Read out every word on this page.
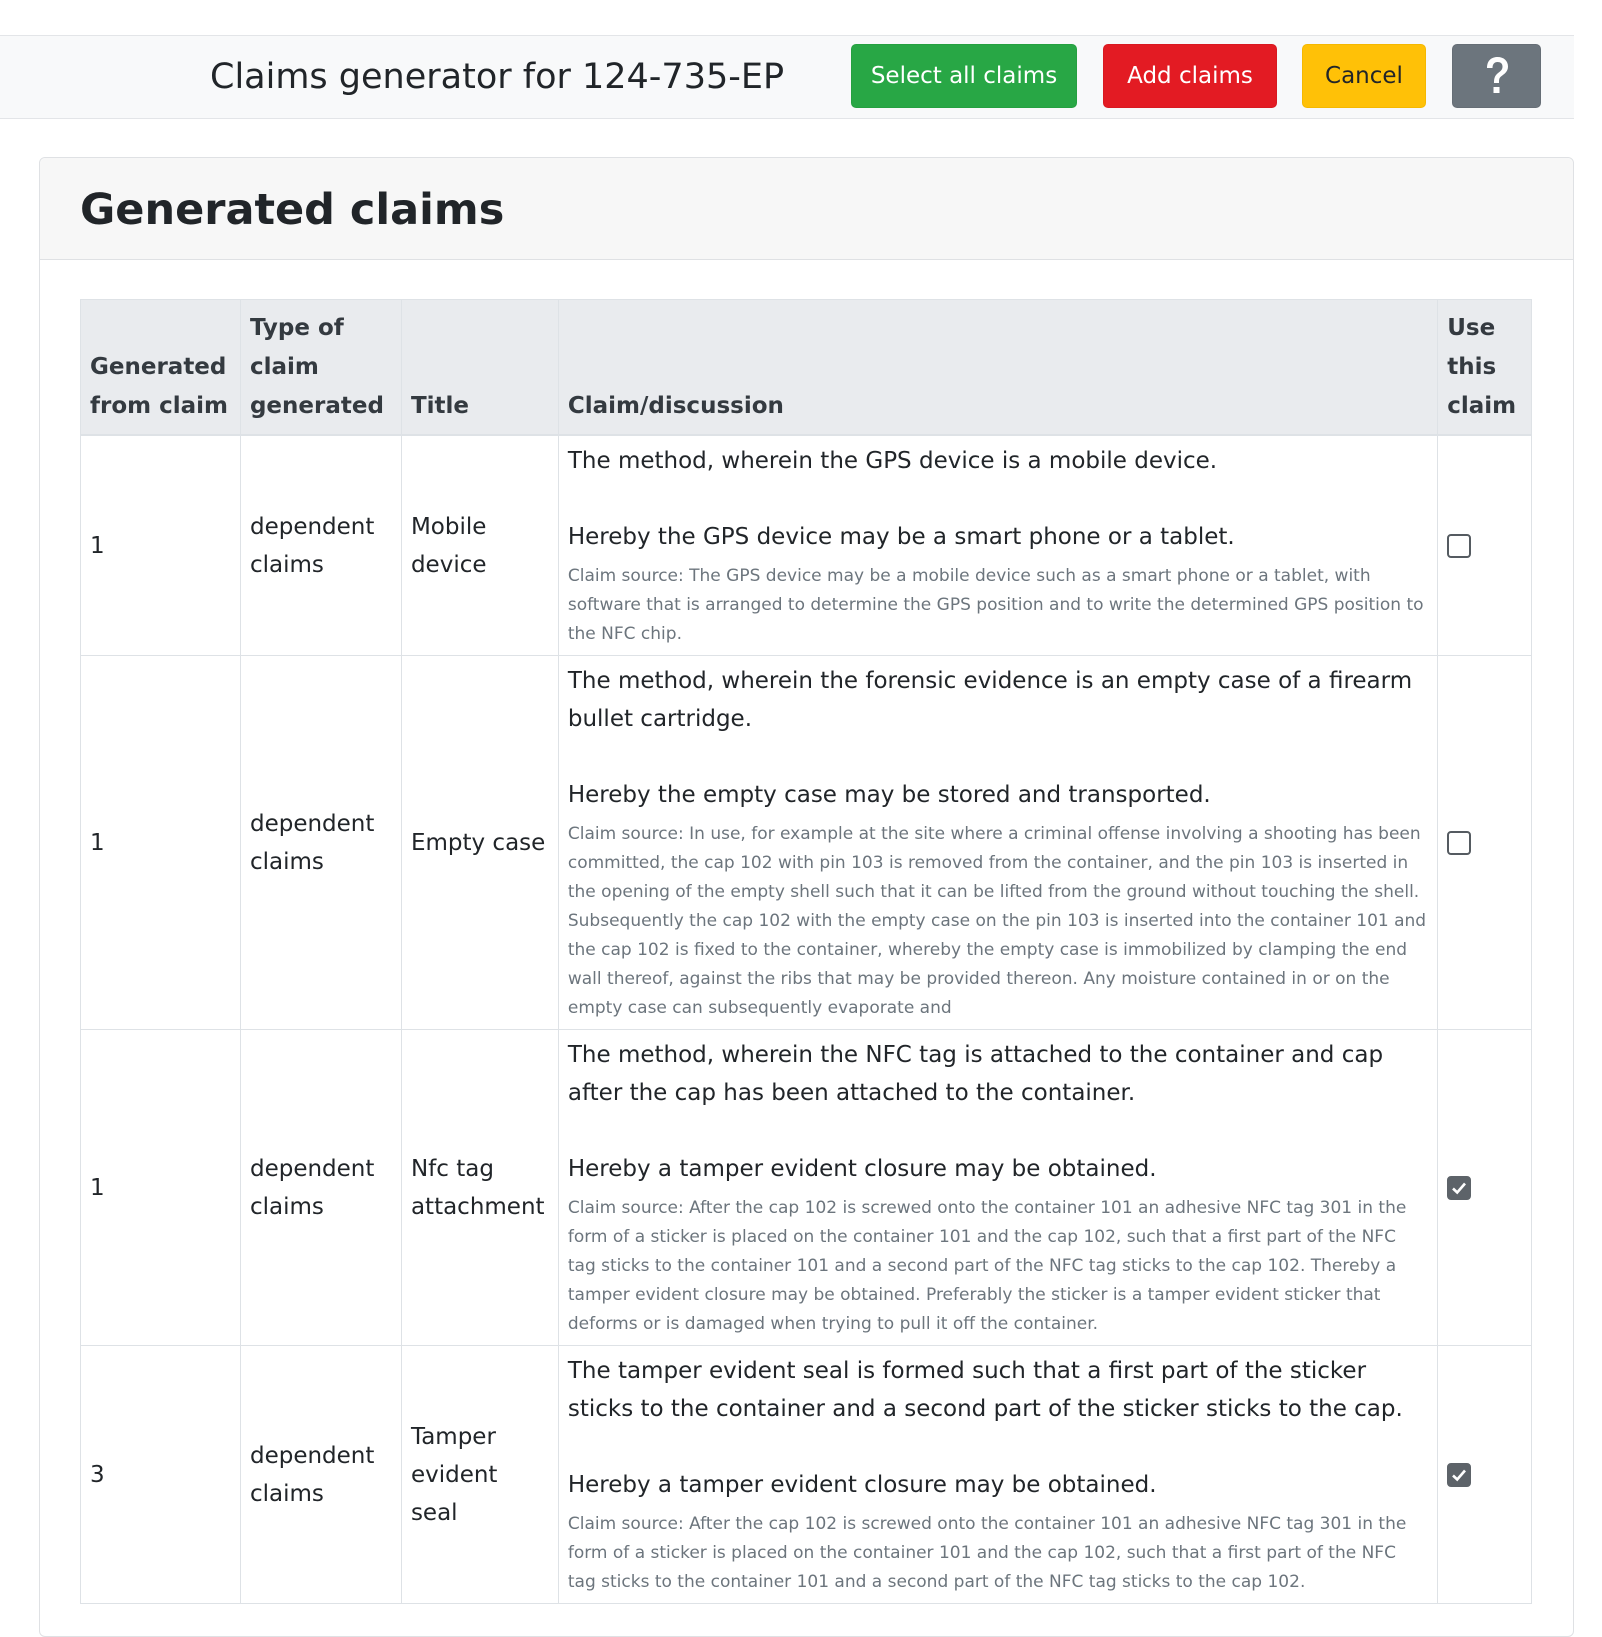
Claims generator for 124-735-EP	Select all claims	Add claims	Cancel
Generated claims
Generated from claim	Type of claim generated	Title	Claim/discussion	Use this claim
1	dependent claims	Mobile device	The method, wherein the GPS device is a mobile device.

Hereby the GPS device may be a smart phone or a tablet.

Claim source: The GPS device may be a mobile device such as a smart phone or a tablet, with software that is arranged to determine the GPS position and to write the determined GPS position to the NFC chip.

1	dependent claims	Empty case	The method, wherein the forensic evidence is an empty case of a firearm bullet cartridge.

Hereby the empty case may be stored and transported.

Claim source: In use, for example at the site where a criminal offense involving a shooting has been committed, the cap 102 with pin 103 is removed from the container, and the pin 103 is inserted in the opening of the empty shell such that it can be lifted from the ground without touching the shell. Subsequently the cap 102 with the empty case on the pin 103 is inserted into the container 101 and the cap 102 is fixed to the container, whereby the empty case is immobilized by clamping the end wall thereof, against the ribs that may be provided thereon. Any moisture contained in or on the empty case can subsequently evaporate and

1	dependent claims	Nfc tag attachment	The method, wherein the NFC tag is attached to the container and cap after the cap has been attached to the container.

Hereby a tamper evident closure may be obtained.

Claim source: After the cap 102 is screwed onto the container 101 an adhesive NFC tag 301 in the form of a sticker is placed on the container 101 and the cap 102, such that a first part of the NFC tag sticks to the container 101 and a second part of the NFC tag sticks to the cap 102. Thereby a tamper evident closure may be obtained. Preferably the sticker is a tamper evident sticker that deforms or is damaged when trying to pull it off the container.

3	dependent claims	Tamper evident seal	The tamper evident seal is formed such that a first part of the sticker sticks to the container and a second part of the sticker sticks to the cap.

Hereby a tamper evident closure may be obtained.

Claim source: After the cap 102 is screwed onto the container 101 an adhesive NFC tag 301 in the form of a sticker is placed on the container 101 and the cap 102, such that a first part of the NFC tag sticks to the container 101 and a second part of the NFC tag sticks to the cap 102.
